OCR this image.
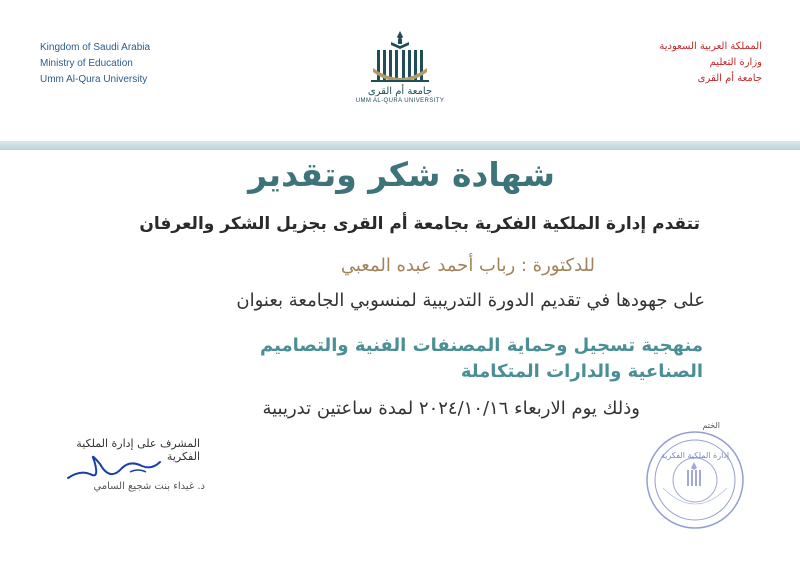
Kingdom of Saudi Arabia
Ministry of Education
Umm Al-Qura University
جامعة أم القرى
UMM AL-QURA UNIVERSITY
المملكة العربية السعودية
وزارة التعليم
جامعة أم القرى
شهادة شكر وتقدير
تتقدم إدارة الملكية الفكرية بجامعة أم القرى بجزيل الشكر والعرفان
للدكتورة : رباب أحمد عبده المعبي
على جهودها في تقديم الدورة التدريبية لمنسوبي الجامعة بعنوان
منهجية تسجيل وحماية المصنفات الفنية والتصاميم الصناعية والدارات المتكاملة
وذلك يوم الاربعاء ٢٠٢٤/١٠/١٦ لمدة ساعتين تدريبية
المشرف على إدارة الملكية الفكرية
د. غيداء بنت شجيع السامي
الختم
إدارة الملكية الفكرية
